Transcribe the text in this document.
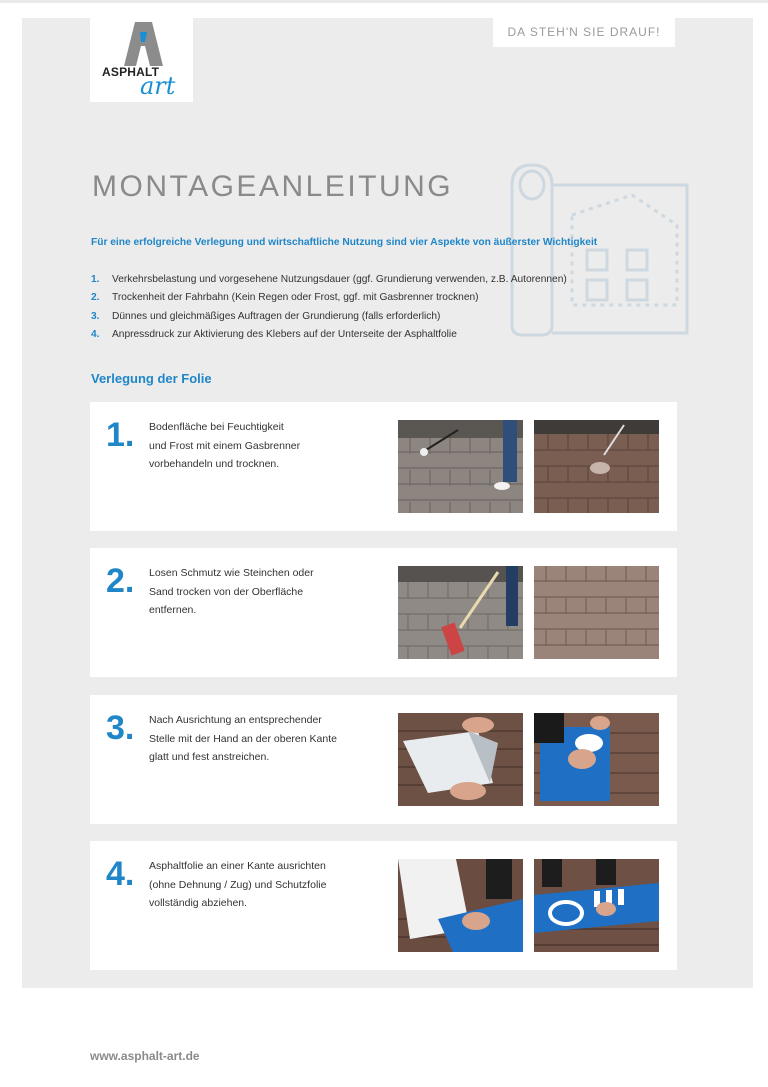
ASPHALT
art
DA STEH'N SIE DRAUF!
MONTAGEANLEITUNG
Für eine erfolgreiche Verlegung und wirtschaftliche Nutzung sind vier Aspekte von äußerster Wichtigkeit
1. Verkehrsbelastung und vorgesehene Nutzungsdauer (ggf. Grundierung verwenden, z.B. Autorennen)
2. Trockenheit der Fahrbahn (Kein Regen oder Frost, ggf. mit Gasbrenner trocknen)
3. Dünnes und gleichmäßiges Auftragen der Grundierung (falls erforderlich)
4. Anpressdruck zur Aktivierung des Klebers auf der Unterseite der Asphaltfolie
Verlegung der Folie
1. Bodenfläche bei Feuchtigkeit
und Frost mit einem Gasbrenner
vorbehandeln und trocknen.
2. Losen Schmutz wie Steinchen oder
Sand trocken von der Oberfläche
entfernen.
3. Nach Ausrichtung an entsprechender
Stelle mit der Hand an der oberen Kante
glatt und fest anstreichen.
4. Asphaltfolie an einer Kante ausrichten
(ohne Dehnung / Zug) und Schutzfolie
vollständig abziehen.
www.asphalt-art.de
